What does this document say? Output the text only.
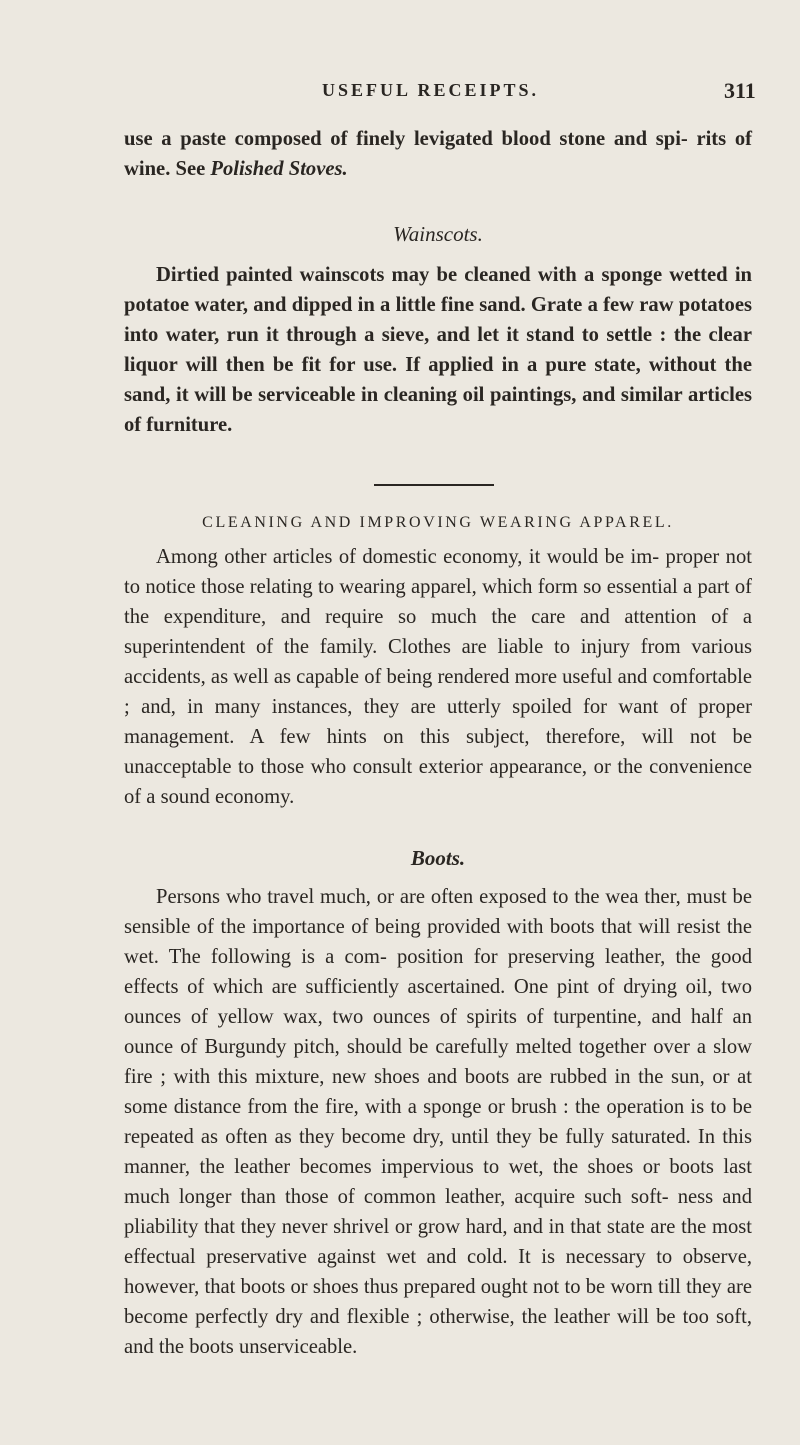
USEFUL RECEIPTS.	311

use a paste composed of finely levigated blood stone and spi- rits of wine. See Polished Stoves.

Wainscots.

Dirtied painted wainscots may be cleaned with a sponge wetted in potatoe water, and dipped in a little fine sand. Grate a few raw potatoes into water, run it through a sieve, and let it stand to settle : the clear liquor will then be fit for use. If applied in a pure state, without the sand, it will be serviceable in cleaning oil paintings, and similar articles of furniture.

CLEANING AND IMPROVING WEARING APPAREL.

Among other articles of domestic economy, it would be im- proper not to notice those relating to wearing apparel, which form so essential a part of the expenditure, and require so much the care and attention of a superintendent of the family. Clothes are liable to injury from various accidents, as well as capable of being rendered more useful and comfortable ; and, in many instances, they are utterly spoiled for want of proper management. A few hints on this subject, therefore, will not be unacceptable to those who consult exterior appearance, or the convenience of a sound economy.

Boots.

Persons who travel much, or are often exposed to the wea ther, must be sensible of the importance of being provided with boots that will resist the wet. The following is a com- position for preserving leather, the good effects of which are sufficiently ascertained. One pint of drying oil, two ounces of yellow wax, two ounces of spirits of turpentine, and half an ounce of Burgundy pitch, should be carefully melted together over a slow fire ; with this mixture, new shoes and boots are rubbed in the sun, or at some distance from the fire, with a sponge or brush : the operation is to be repeated as often as they become dry, until they be fully saturated. In this manner, the leather becomes impervious to wet, the shoes or boots last much longer than those of common leather, acquire such soft- ness and pliability that they never shrivel or grow hard, and in that state are the most effectual preservative against wet and cold. It is necessary to observe, however, that boots or shoes thus prepared ought not to be worn till they are become perfectly dry and flexible ; otherwise, the leather will be too soft, and the boots unserviceable.
